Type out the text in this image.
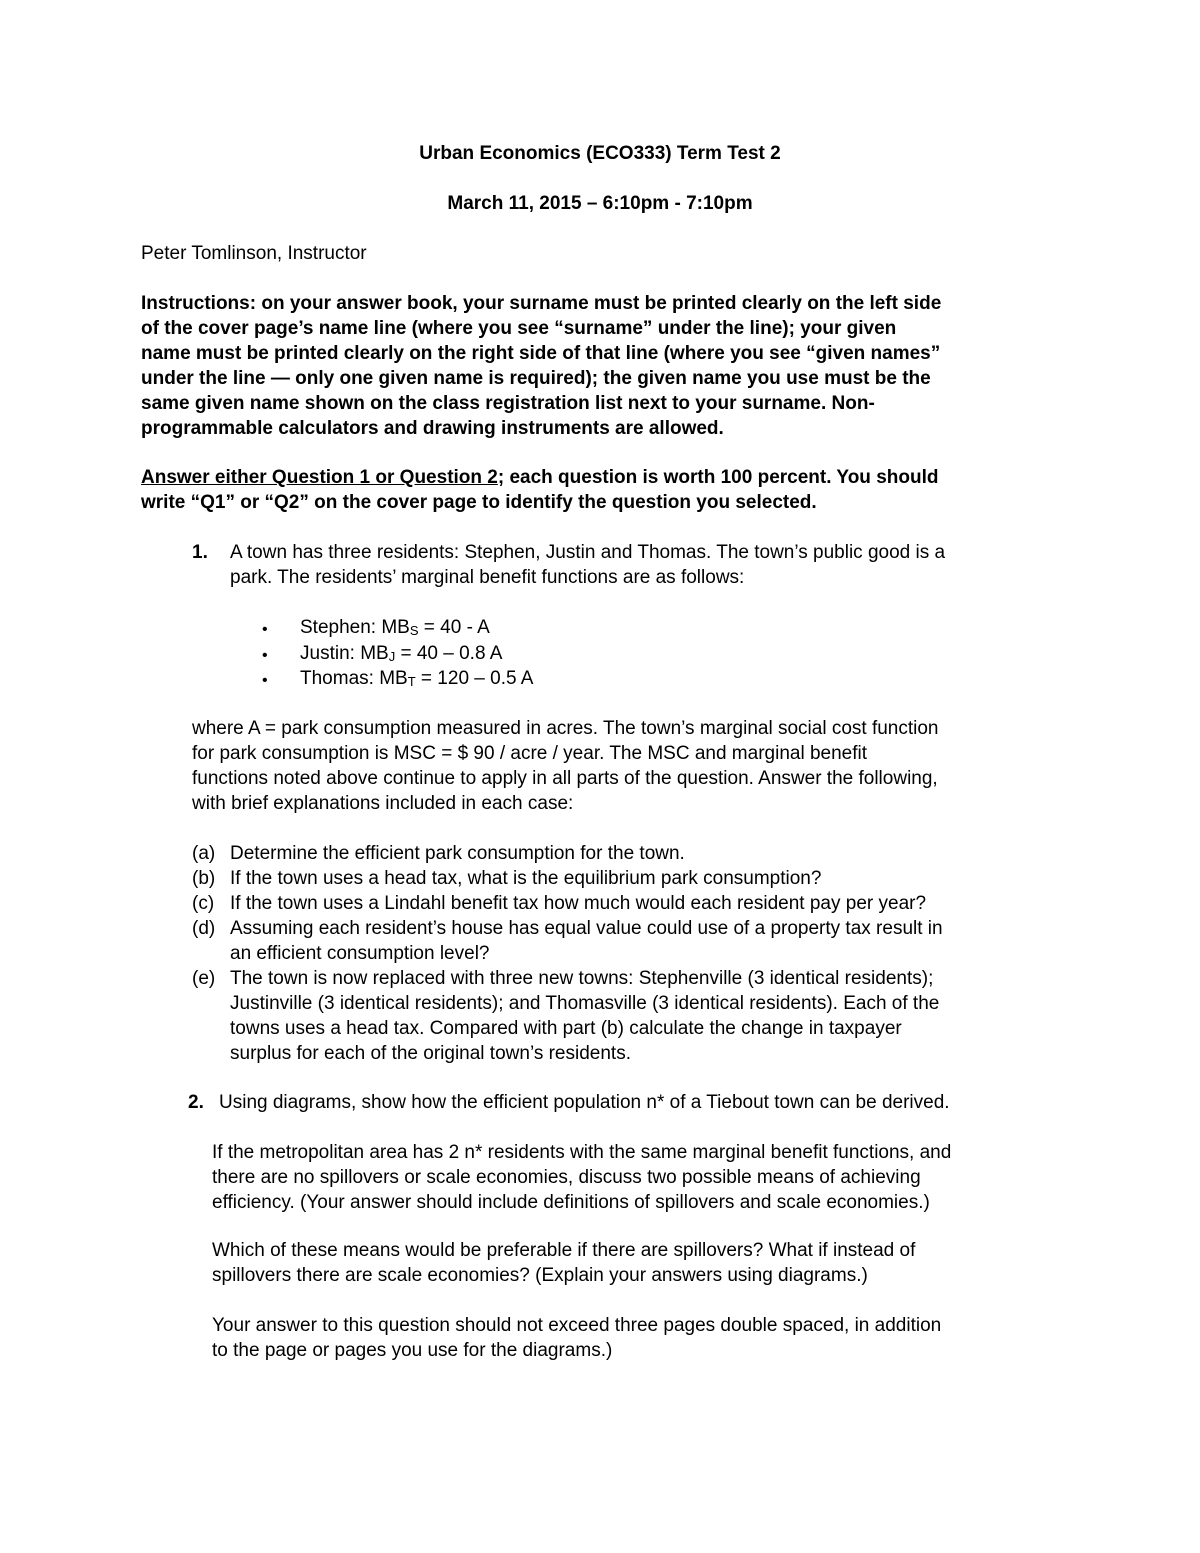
Urban Economics (ECO333) Term Test 2

March 11, 2015 – 6:10pm - 7:10pm

Peter Tomlinson, Instructor

Instructions: on your answer book, your surname must be printed clearly on the left side
of the cover page’s name line (where you see “surname” under the line); your given
name must be printed clearly on the right side of that line (where you see “given names”
under the line — only one given name is required); the given name you use must be the
same given name shown on the class registration list next to your surname. Non-
programmable calculators and drawing instruments are allowed.
Answer either Question 1 or Question 2; each question is worth 100 percent. You should
write “Q1” or “Q2” on the cover page to identify the question you selected.
1. A town has three residents: Stephen, Justin and Thomas. The town’s public good is a
park. The residents’ marginal benefit functions are as follows:
• Stephen: $MB_S = 40 - A$
• Justin: $MB_J = 40 - 0.8$ A
• Thomas: $MB_T = 120 - 0.5$ A
where A = park consumption measured in acres. The town’s marginal social cost function
for park consumption is MSC = $ 90 / acre / year. The MSC and marginal benefit
functions noted above continue to apply in all parts of the question. Answer the following,
with brief explanations included in each case:
(a) Determine the efficient park consumption for the town.
(b) If the town uses a head tax, what is the equilibrium park consumption?
(c) If the town uses a Lindahl benefit tax how much would each resident pay per year?
(d) Assuming each resident’s house has equal value could use of a property tax result in
an efficient consumption level?
(e) The town is now replaced with three new towns: Stephenville (3 identical residents);
Justinville (3 identical residents); and Thomasville (3 identical residents). Each of the
towns uses a head tax. Compared with part (b) calculate the change in taxpayer
surplus for each of the original town’s residents.
2. Using diagrams, show how the efficient population n* of a Tiebout town can be derived.
If the metropolitan area has 2 n* residents with the same marginal benefit functions, and
there are no spillovers or scale economies, discuss two possible means of achieving
efficiency. (Your answer should include definitions of spillovers and scale economies.)
Which of these means would be preferable if there are spillovers? What if instead of
spillovers there are scale economies? (Explain your answers using diagrams.)
Your answer to this question should not exceed three pages double spaced, in addition
to the page or pages you use for the diagrams.)
